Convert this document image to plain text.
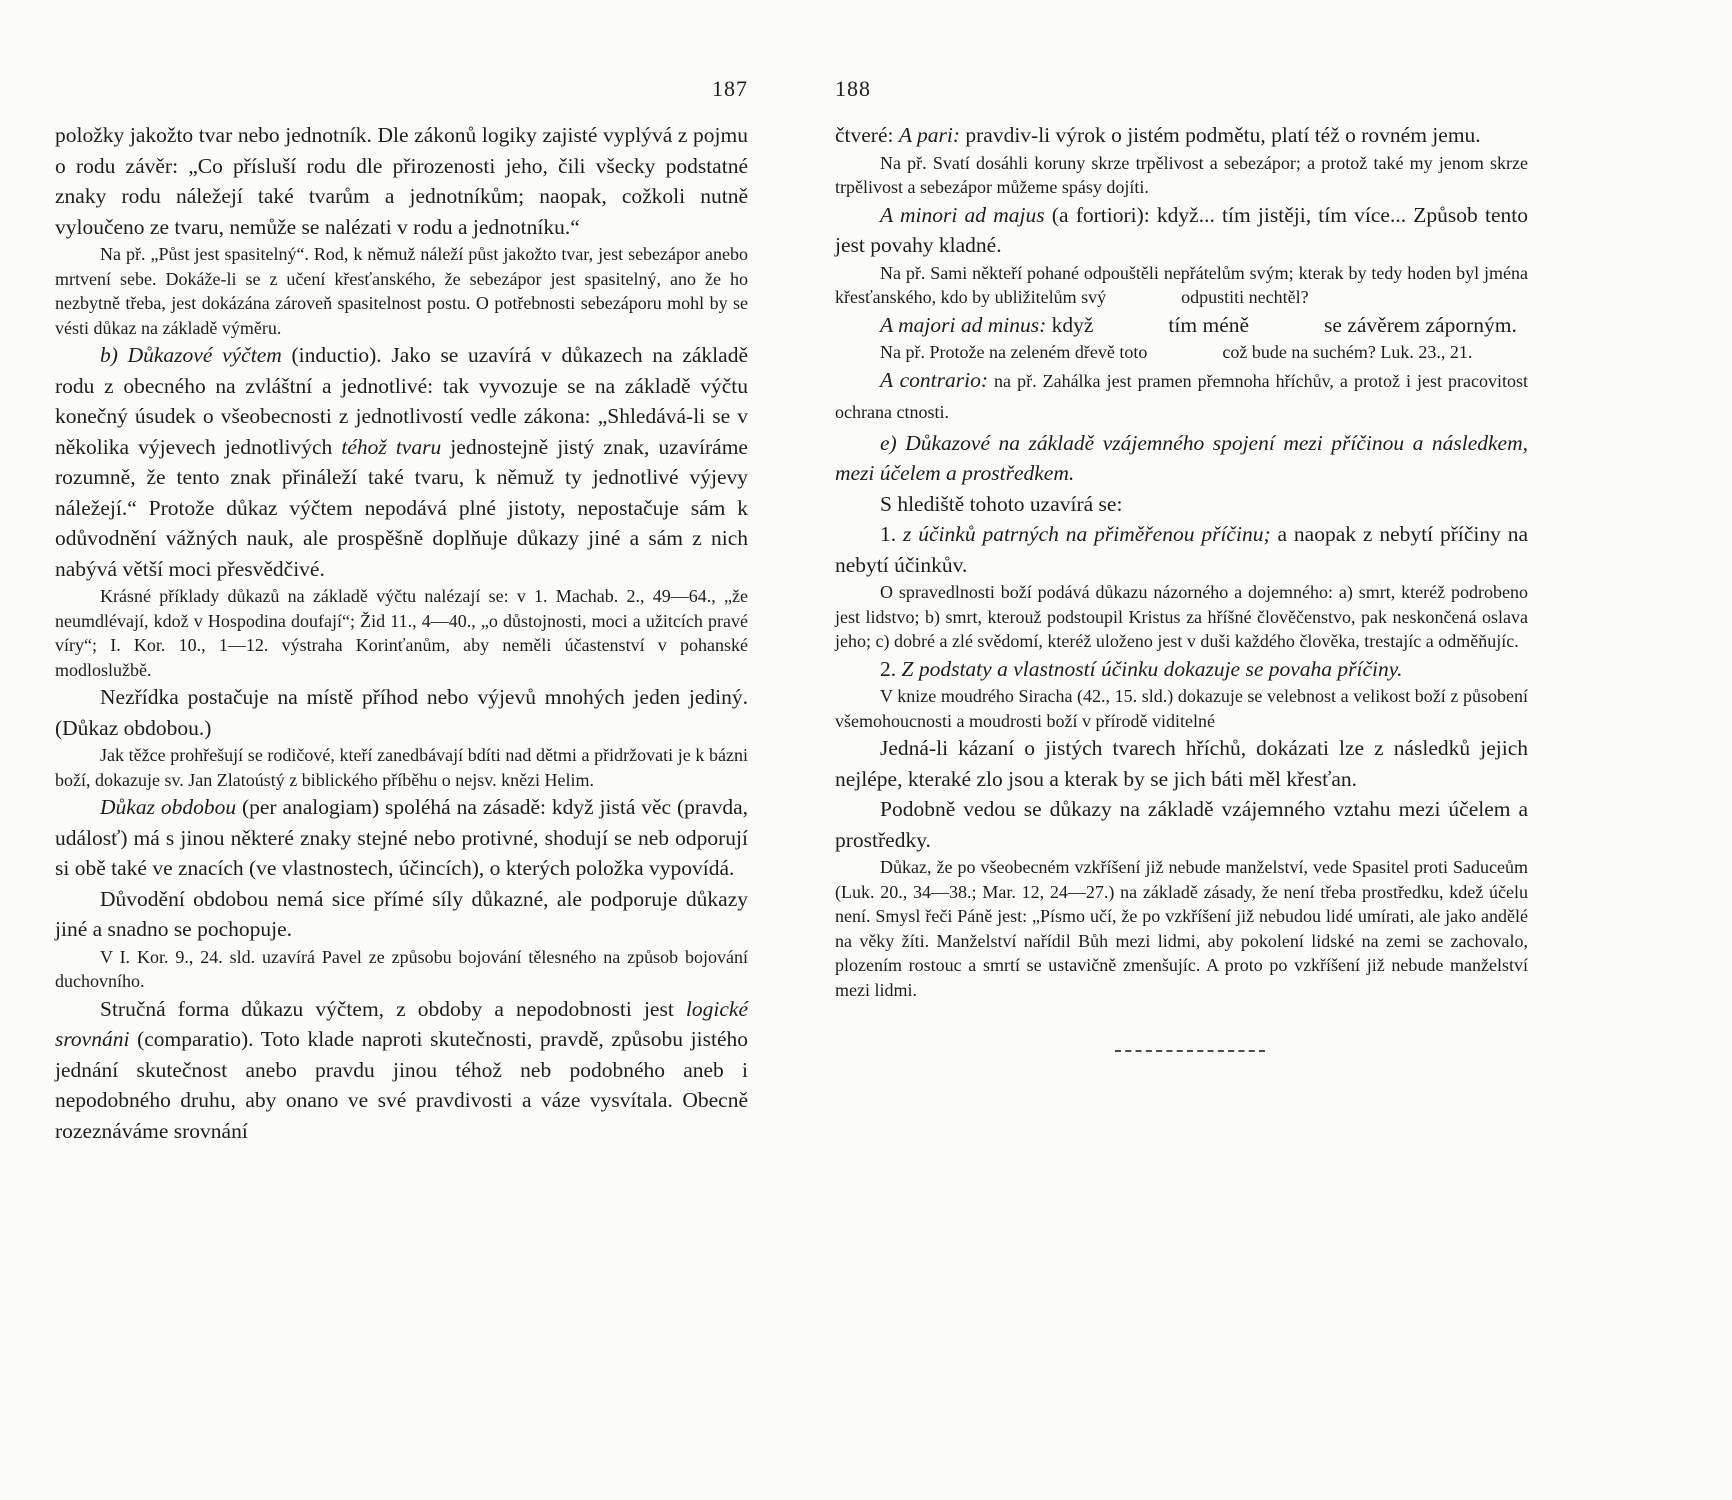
187	188

položky jakožto tvar nebo jednotník. Dle zákonů logiky zajisté vyplývá z pojmu o rodu závěr: „Co přísluší rodu dle přirozenosti jeho, čili všecky podstatné znaky rodu náležejí také tvarům a jednotníkům; naopak, cožkoli nutně vyloučeno ze tvaru, nemůže se nalézati v rodu a jednotníku.“

Na př. „Půst jest spasitelný“. Rod, k němuž náleží půst jakožto tvar, jest sebezápor anebo mrtvení sebe. Dokáže-li se z učení křesťanského, že sebezápor jest spasitelný, ano že ho nezbytně třeba, jest dokázána zároveň spasitelnost postu. O potřebnosti sebezáporu mohl by se vésti důkaz na základě výměru.

b) Důkazové výčtem (inductio). Jako se uzavírá v důkazech na základě rodu z obecného na zvláštní a jednotlivé: tak vyvozuje se na základě výčtu konečný úsudek o všeobecnosti z jednotlivostí vedle zákona: „Shledává-li se v několika výjevech jednotlivých téhož tvaru jednostejně jistý znak, uzavíráme rozumně, že tento znak přináleží také tvaru, k němuž ty jednotlivé výjevy náležejí.“ Protože důkaz výčtem nepodává plné jistoty, nepostačuje sám k odůvodnění vážných nauk, ale prospěšně doplňuje důkazy jiné a sám z nich nabývá větší moci přesvědčivé.

Krásné příklady důkazů na základě výčtu nalézají se: v 1. Machab. 2., 49—64., „že neumdlévají, kdož v Hospodina doufají“; Žid 11., 4—40., „o důstojnosti, moci a užitcích pravé víry“; I. Kor. 10., 1—12. výstraha Korinťanům, aby neměli účastenství v pohanské modloslužbě.

Nezřídka postačuje na místě příhod nebo výjevů mnohých jeden jediný. (Důkaz obdobou.)

Jak těžce prohřešují se rodičové, kteří zanedbávají bdíti nad dětmi a přidržovati je k bázni boží, dokazuje sv. Jan Zlatoústý z biblického příběhu o nejsv. knězi Helim.

Důkaz obdobou (per analogiam) spoléhá na zásadě: když jistá věc (pravda, událosť) má s jinou některé znaky stejné nebo protivné, shodují se neb odporují si obě také ve znacích (ve vlastnostech, účincích), o kterých položka vypovídá.

Důvodění obdobou nemá sice přímé síly důkazné, ale podporuje důkazy jiné a snadno se pochopuje.

V I. Kor. 9., 24. sld. uzavírá Pavel ze způsobu bojování tělesného na způsob bojování duchovního.

Stručná forma důkazu výčtem, z obdoby a nepodobnosti jest logické srovnáni (comparatio). Toto klade naproti skutečnosti, pravdě, způsobu jistého jednání skutečnost anebo pravdu jinou téhož neb podobného aneb i nepodobného druhu, aby onano ve své pravdivosti a váze vysvítala. Obecně rozeznáváme srovnání

čtveré: A pari: pravdiv-li výrok o jistém podmětu, platí též o rovném jemu.

Na př. Svatí dosáhli koruny skrze trpělivost a sebezápor; a protož také my jenom skrze trpělivost a sebezápor můžeme spásy dojíti.

A minori ad majus (a fortiori): když... tím jistěji, tím více... Způsob tento jest povahy kladné.

Na př. Sami někteří pohané odpouštěli nepřátelům svým; kterak by tedy hoden byl jména křesťanského, kdo by ubližitelům svý	odpustiti nechtěl?

A majori ad minus: když	tím méně	se závěrem záporným.

Na př. Protože na zeleném dřevě toto	což bude na suchém? Luk. 23., 21.

A contrario: na př. Zahálka jest pramen přemnoha hříchův, a protož i jest pracovitost ochrana ctnosti.

e) Důkazové na základě vzájemného spojení mezi příčinou a následkem, mezi účelem a prostředkem.

S hlediště tohoto uzavírá se:

1. z účinků patrných na přiměřenou příčinu; a naopak z nebytí příčiny na nebytí účinkův.

O spravedlnosti boží podává důkazu názorného a dojemného: a) smrt, kteréž podrobeno jest lidstvo; b) smrt, kterouž podstoupil Kristus za hříšné člověčenstvo, pak neskončená oslava jeho; c) dobré a zlé svědomí, kteréž uloženo jest v duši každého člověka, trestajíc a odměňujíc.

2. Z podstaty a vlastností účinku dokazuje se povaha příčiny.

V knize moudrého Siracha (42., 15. sld.) dokazuje se velebnost a velikost boží z působení všemohoucnosti a moudrosti boží v přírodě viditelné

Jedná-li kázaní o jistých tvarech hříchů, dokázati lze z následků jejich nejlépe, kteraké zlo jsou a kterak by se jich báti měl křesťan.

Podobně vedou se důkazy na základě vzájemného vztahu mezi účelem a prostředky.

Důkaz, že po všeobecném vzkříšení již nebude manželství, vede Spasitel proti Saduceům (Luk. 20., 34—38.; Mar. 12, 24—27.) na základě zásady, že není třeba prostředku, kdež účelu není. Smysl řeči Páně jest: „Písmo učí, že po vzkříšení již nebudou lidé umírati, ale jako andělé na věky žíti. Manželství nařídil Bůh mezi lidmi, aby pokolení lidské na zemi se zachovalo, plozením rostouc a smrtí se ustavičně zmenšujíc. A proto po vzkříšení již nebude manželství mezi lidmi.
